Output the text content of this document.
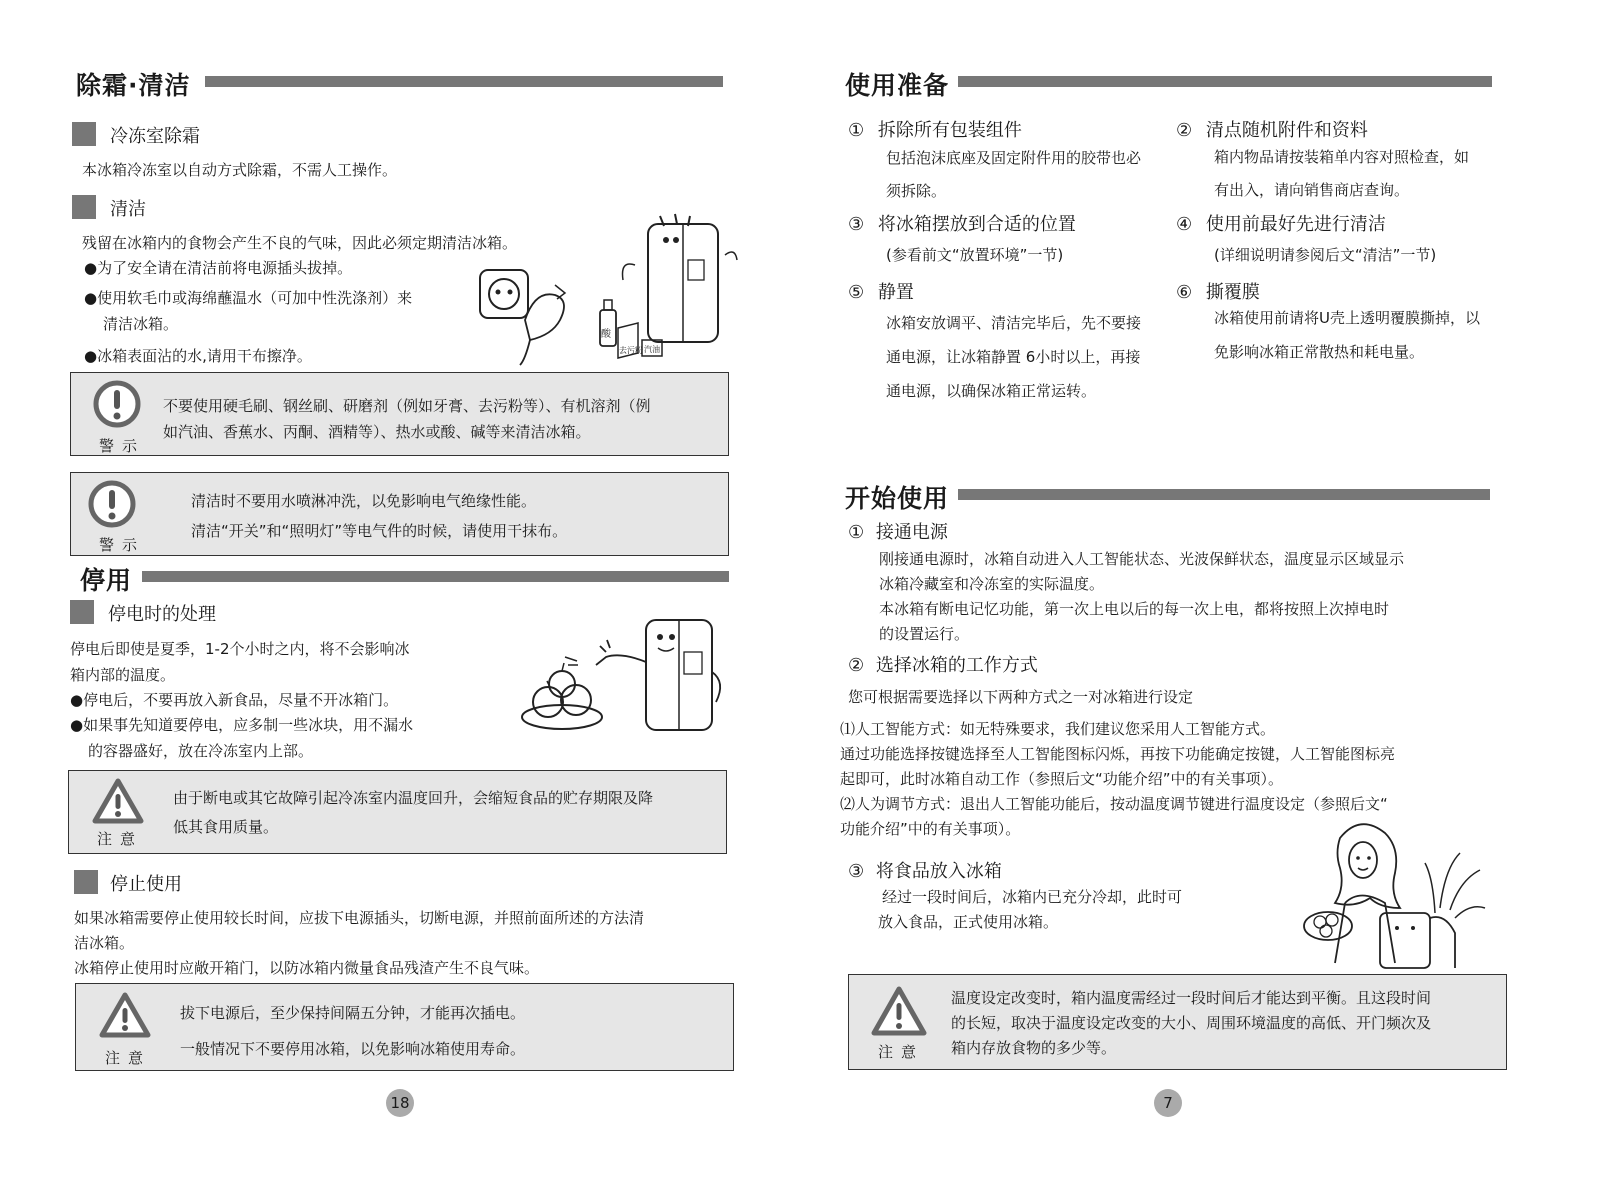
除霜·清洁
冷冻室除霜
本冰箱冷冻室以自动方式除霜，不需人工操作。
清洁
残留在冰箱内的食物会产生不良的气味，因此必须定期清洁冰箱。
●为了安全请在清洁前将电源插头拔掉。
●使用软毛巾或海绵蘸温水（可加中性洗涤剂）来
清洁冰箱。
●冰箱表面沾的水,请用干布擦净。
酸
去污粉 汽油
警示
不要使用硬毛刷、钢丝刷、研磨剂（例如牙膏、去污粉等）、有机溶剂（例
如汽油、香蕉水、丙酮、酒精等）、热水或酸、碱等来清洁冰箱。
警示
清洁时不要用水喷淋冲洗，以免影响电气绝缘性能。
清洁“开关”和“照明灯”等电气件的时候，请使用干抹布。
停用
停电时的处理
停电后即使是夏季，1-2个小时之内，将不会影响冰
箱内部的温度。
●停电后，不要再放入新食品，尽量不开冰箱门。
●如果事先知道要停电，应多制一些冰块，用不漏水
的容器盛好，放在冷冻室内上部。
注意
由于断电或其它故障引起冷冻室内温度回升，会缩短食品的贮存期限及降
低其食用质量。
停止使用
如果冰箱需要停止使用较长时间，应拔下电源插头，切断电源，并照前面所述的方法清
洁冰箱。
冰箱停止使用时应敞开箱门，以防冰箱内微量食品残渣产生不良气味。
注意
拔下电源后，至少保持间隔五分钟，才能再次插电。
一般情况下不要停用冰箱，以免影响冰箱使用寿命。
18
使用准备
① 拆除所有包装组件
包括泡沫底座及固定附件用的胶带也必
须拆除。
② 清点随机附件和资料
箱内物品请按装箱单内容对照检查，如
有出入，请向销售商店查询。
③ 将冰箱摆放到合适的位置
(参看前文“放置环境”一节)
④ 使用前最好先进行清洁
(详细说明请参阅后文“清洁”一节)
⑤ 静置
冰箱安放调平、清洁完毕后，先不要接
通电源，让冰箱静置 6小时以上，再接
通电源，以确保冰箱正常运转。
⑥ 撕覆膜
冰箱使用前请将U壳上透明覆膜撕掉，以
免影响冰箱正常散热和耗电量。
开始使用
① 接通电源
刚接通电源时，冰箱自动进入人工智能状态、光波保鲜状态，温度显示区域显示
冰箱冷藏室和冷冻室的实际温度。
本冰箱有断电记忆功能，第一次上电以后的每一次上电，都将按照上次掉电时
的设置运行。
② 选择冰箱的工作方式
您可根据需要选择以下两种方式之一对冰箱进行设定
⑴人工智能方式：如无特殊要求，我们建议您采用人工智能方式。
通过功能选择按键选择至人工智能图标闪烁，再按下功能确定按键，人工智能图标亮
起即可，此时冰箱自动工作（参照后文“功能介绍”中的有关事项）。
⑵人为调节方式：退出人工智能功能后，按动温度调节键进行温度设定（参照后文“
功能介绍”中的有关事项）。
③ 将食品放入冰箱
经过一段时间后，冰箱内已充分冷却，此时可
放入食品，正式使用冰箱。
注意
温度设定改变时，箱内温度需经过一段时间后才能达到平衡。且这段时间
的长短，取决于温度设定改变的大小、周围环境温度的高低、开门频次及
箱内存放食物的多少等。
7
